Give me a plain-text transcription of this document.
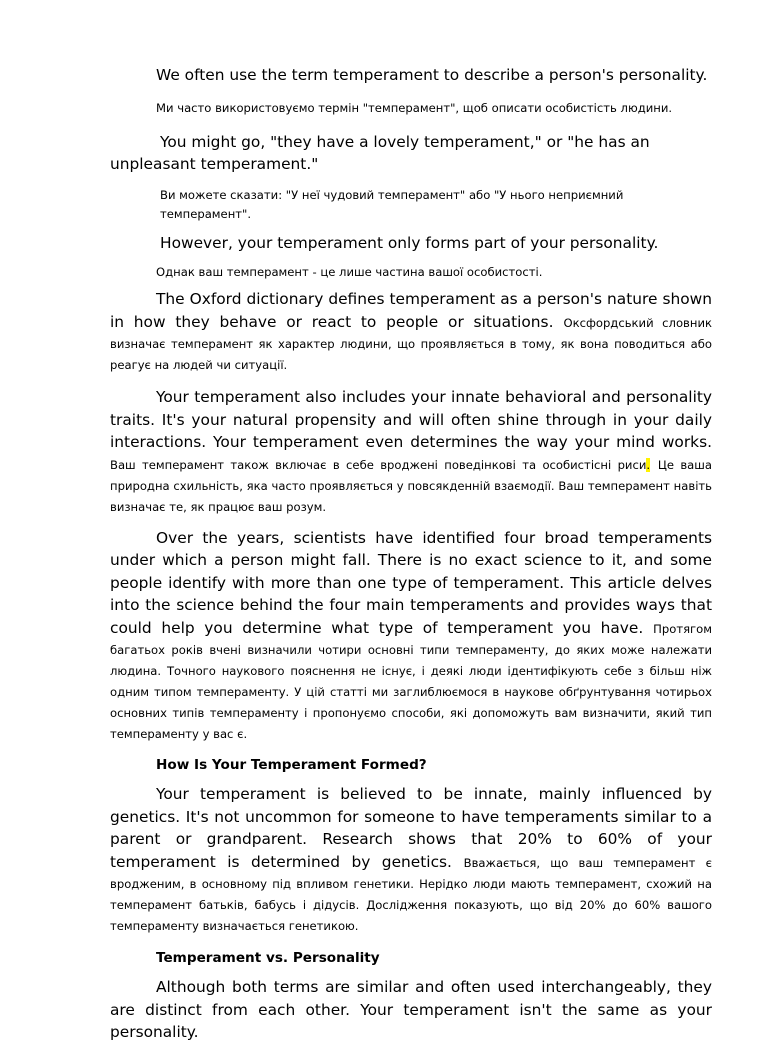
We often use the term temperament to describe a person's personality.

Ми часто використовуємо термін "темперамент", щоб описати особистість людини.

You might go, "they have a lovely temperament," or "he has an unpleasant temperament."

Ви можете сказати: "У неї чудовий темперамент" або "У нього неприємний темперамент".

However, your temperament only forms part of your personality.

Однак ваш темперамент - це лише частина вашої особистості.

The Oxford dictionary defines temperament as a person's nature shown in how they behave or react to people or situations. Оксфордський словник визначає темперамент як характер людини, що проявляється в тому, як вона поводиться або реагує на людей чи ситуації.

Your temperament also includes your innate behavioral and personality traits. It's your natural propensity and will often shine through in your daily interactions. Your temperament even determines the way your mind works. Ваш темперамент також включає в себе вроджені поведінкові та особистісні риси. Це ваша природна схильність, яка часто проявляється у повсякденній взаємодії. Ваш темперамент навіть визначає те, як працює ваш розум.

Over the years, scientists have identified four broad temperaments under which a person might fall. There is no exact science to it, and some people identify with more than one type of temperament. This article delves into the science behind the four main temperaments and provides ways that could help you determine what type of temperament you have. Протягом багатьох років вчені визначили чотири основні типи темпераменту, до яких може належати людина. Точного наукового пояснення не існує, і деякі люди ідентифікують себе з більш ніж одним типом темпераменту. У цій статті ми заглиблюємося в наукове обґрунтування чотирьох основних типів темпераменту і пропонуємо способи, які допоможуть вам визначити, який тип темпераменту у вас є.

How Is Your Temperament Formed?

Your temperament is believed to be innate, mainly influenced by genetics. It's not uncommon for someone to have temperaments similar to a parent or grandparent. Research shows that 20% to 60% of your temperament is determined by genetics. Вважається, що ваш темперамент є вродженим, в основному під впливом генетики. Нерідко люди мають темперамент, схожий на темперамент батьків, бабусь і дідусів. Дослідження показують, що від 20% до 60% вашого темпераменту визначається генетикою.

Temperament vs. Personality

Although both terms are similar and often used interchangeably, they are distinct from each other. Your temperament isn't the same as your personality.
